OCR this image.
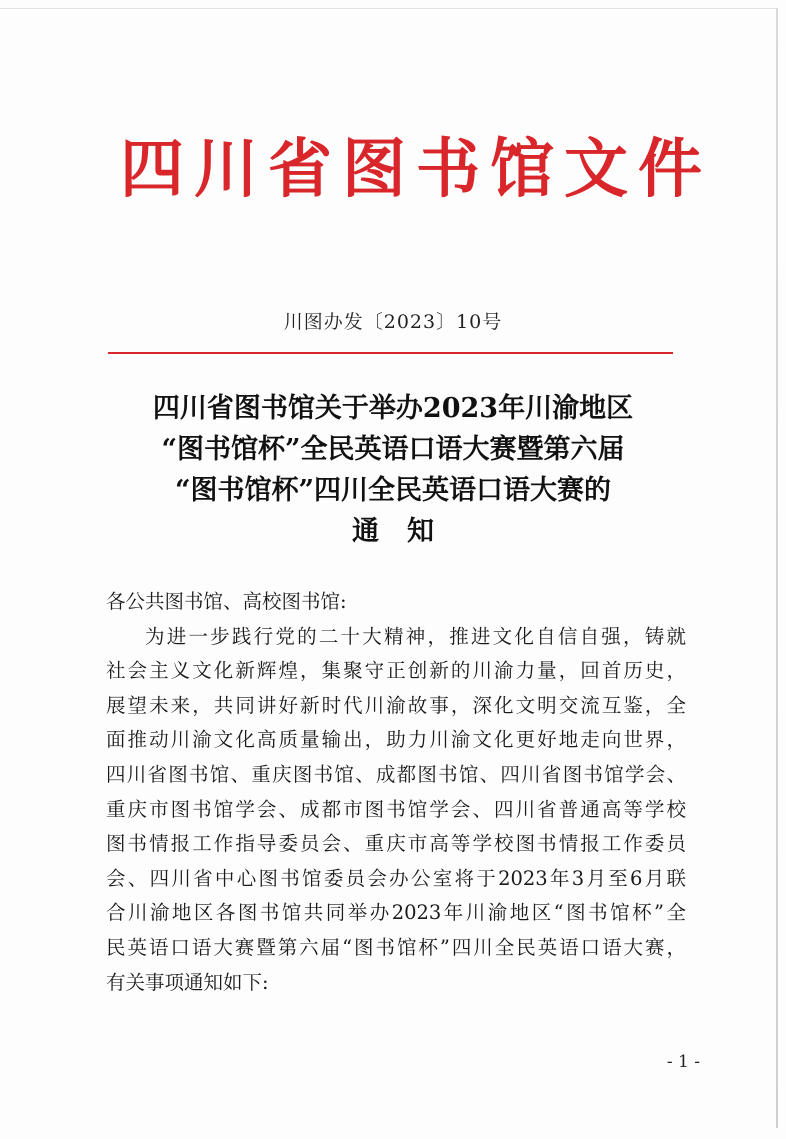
四川省图书馆文件
川图办发〔2023〕10号
四川省图书馆关于举办2023年川渝地区
“图书馆杯”全民英语口语大赛暨第六届
“图书馆杯”四川全民英语口语大赛的
通知
各公共图书馆、高校图书馆:
为进一步践行党的二十大精神，推进文化自信自强，铸就
社会主义文化新辉煌，集聚守正创新的川渝力量，回首历史，
展望未来，共同讲好新时代川渝故事，深化文明交流互鉴，全
面推动川渝文化高质量输出，助力川渝文化更好地走向世界，
四川省图书馆、重庆图书馆、成都图书馆、四川省图书馆学会、
重庆市图书馆学会、成都市图书馆学会、四川省普通高等学校
图书情报工作指导委员会、重庆市高等学校图书情报工作委员
会、四川省中心图书馆委员会办公室将于2023年3月至6月联
合川渝地区各图书馆共同举办2023年川渝地区“图书馆杯”全
民英语口语大赛暨第六届“图书馆杯”四川全民英语口语大赛，
有关事项通知如下:
- 1 -
